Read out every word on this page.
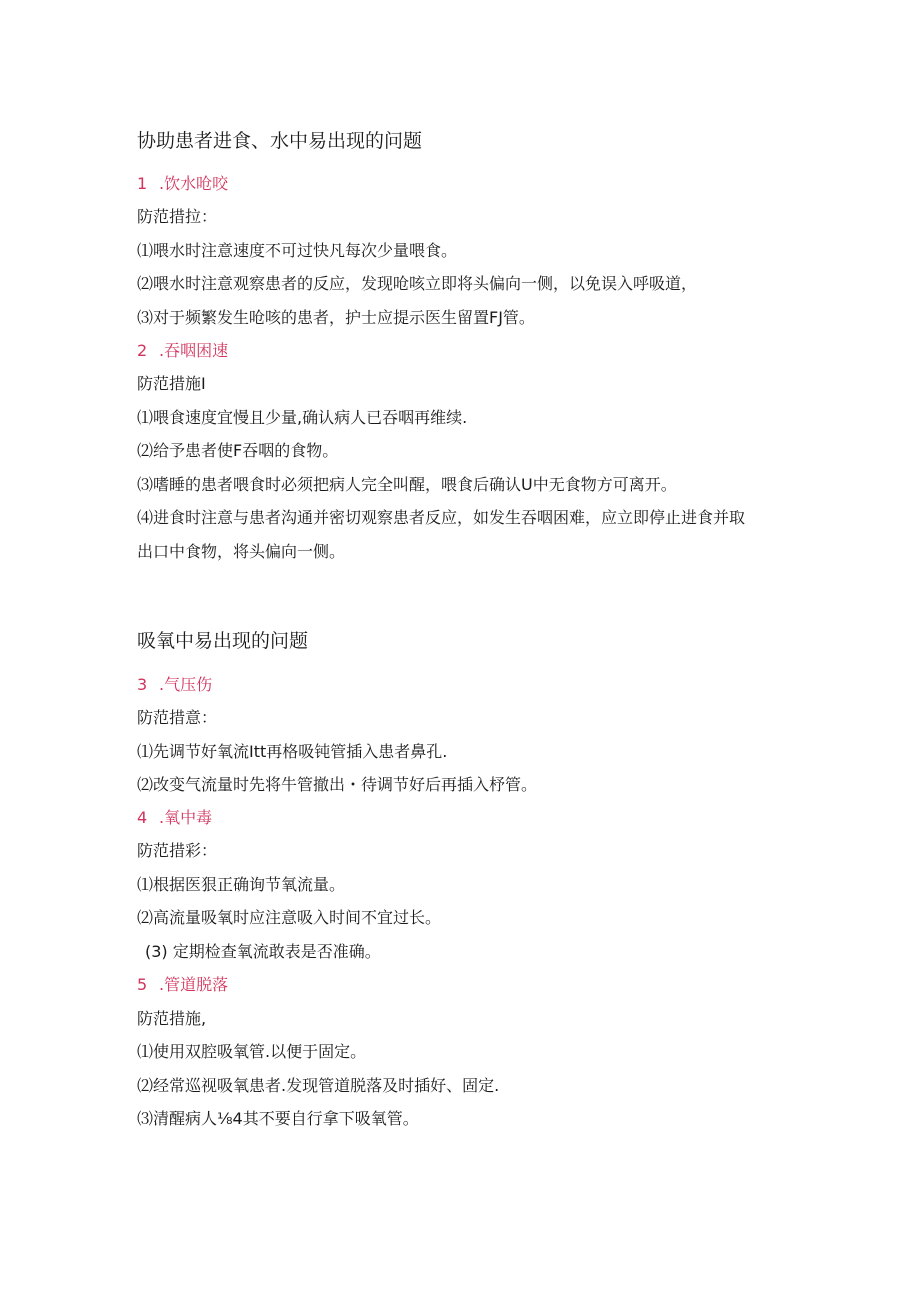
协助患者进食、水中易出现的问题
1 .饮水呛咬
防范措拉：
⑴喂水时注意速度不可过快凡每次少量喂食。
⑵喂水时注意观察患者的反应，发现呛咳立即将头偏向一侧，以免误入呼吸道，
⑶对于频繁发生呛咳的患者，护士应提示医生留置FJ管。
2 .吞咽困速
防范措施I
⑴喂食速度宜慢且少量,确认病人已吞咽再维续.
⑵给予患者使F吞咽的食物。
⑶嗜睡的患者喂食时必须把病人完全叫醒，喂食后确认U中无食物方可离开。
⑷进食时注意与患者沟通并密切观察患者反应，如发生吞咽困难，应立即停止进食并取
出口中食物，将头偏向一侧。
吸氧中易出现的问题
3 .气压伤
防范措意：
⑴先调节好氧流Itt再格吸钝管插入患者鼻孔.
⑵改变气流量时先将牛管撤出・待调节好后再插入杼管。
4 .氧中毒
防范措彩：
⑴根据医狠正确询节氧流量。
⑵高流量吸氧时应注意吸入时间不宜过长。
(3) 定期检查氧流敢表是否准确。
5 .管道脱落
防范措施,
⑴使用双腔吸氧管.以便于固定。
⑵经常巡视吸氧患者.发现管道脱落及时插好、固定.
⑶清醒病人⅛4其不要自行拿下吸氧管。
